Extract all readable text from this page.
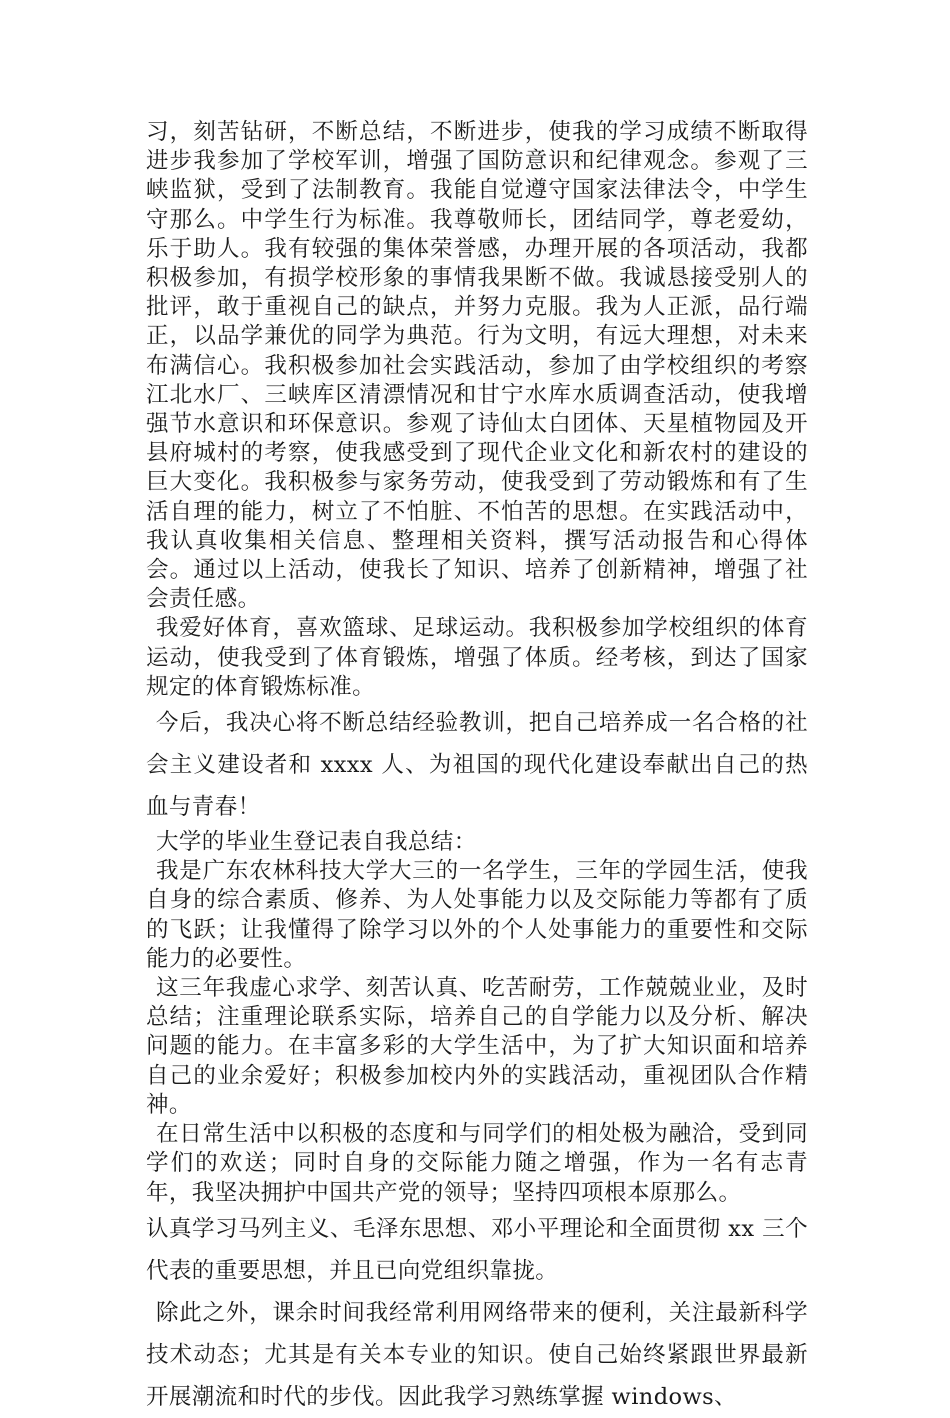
习，刻苦钻研，不断总结，不断进步，使我的学习成绩不断取得进步我参加了学校军训，增强了国防意识和纪律观念。参观了三峡监狱，受到了法制教育。我能自觉遵守国家法律法令，中学生守那么。中学生行为标准。我尊敬师长，团结同学，尊老爱幼，乐于助人。我有较强的集体荣誉感，办理开展的各项活动，我都积极参加，有损学校形象的事情我果断不做。我诚恳接受别人的批评，敢于重视自己的缺点，并努力克服。我为人正派，品行端正，以品学兼优的同学为典范。行为文明，有远大理想，对未来布满信心。我积极参加社会实践活动，参加了由学校组织的考察江北水厂、三峡库区清漂情况和甘宁水库水质调查活动，使我增强节水意识和环保意识。参观了诗仙太白团体、天星植物园及开县府城村的考察，使我感受到了现代企业文化和新农村的建设的巨大变化。我积极参与家务劳动，使我受到了劳动锻炼和有了生活自理的能力，树立了不怕脏、不怕苦的思想。在实践活动中，我认真收集相关信息、整理相关资料，撰写活动报告和心得体会。通过以上活动，使我长了知识、培养了创新精神，增强了社会责任感。

我爱好体育，喜欢篮球、足球运动。我积极参加学校组织的体育运动，使我受到了体育锻炼，增强了体质。经考核，到达了国家规定的体育锻炼标准。

今后，我决心将不断总结经验教训，把自己培养成一名合格的社会主义建设者和 xxxx 人、为祖国的现代化建设奉献出自己的热血与青春！

大学的毕业生登记表自我总结：

我是广东农林科技大学大三的一名学生，三年的学园生活，使我自身的综合素质、修养、为人处事能力以及交际能力等都有了质的飞跃；让我懂得了除学习以外的个人处事能力的重要性和交际能力的必要性。

这三年我虚心求学、刻苦认真、吃苦耐劳，工作兢兢业业，及时总结；注重理论联系实际，培养自己的自学能力以及分析、解决问题的能力。在丰富多彩的大学生活中，为了扩大知识面和培养自己的业余爱好；积极参加校内外的实践活动，重视团队合作精神。

在日常生活中以积极的态度和与同学们的相处极为融洽，受到同学们的欢送；同时自身的交际能力随之增强，作为一名有志青年，我坚决拥护中国共产党的领导；坚持四项根本原那么。

认真学习马列主义、毛泽东思想、邓小平理论和全面贯彻 xx 三个代表的重要思想，并且已向党组织靠拢。

除此之外，课余时间我经常利用网络带来的便利，关注最新科学技术动态；尤其是有关本专业的知识。使自己始终紧跟世界最新开展潮流和时代的步伐。因此我学习熟练掌握 windows、
